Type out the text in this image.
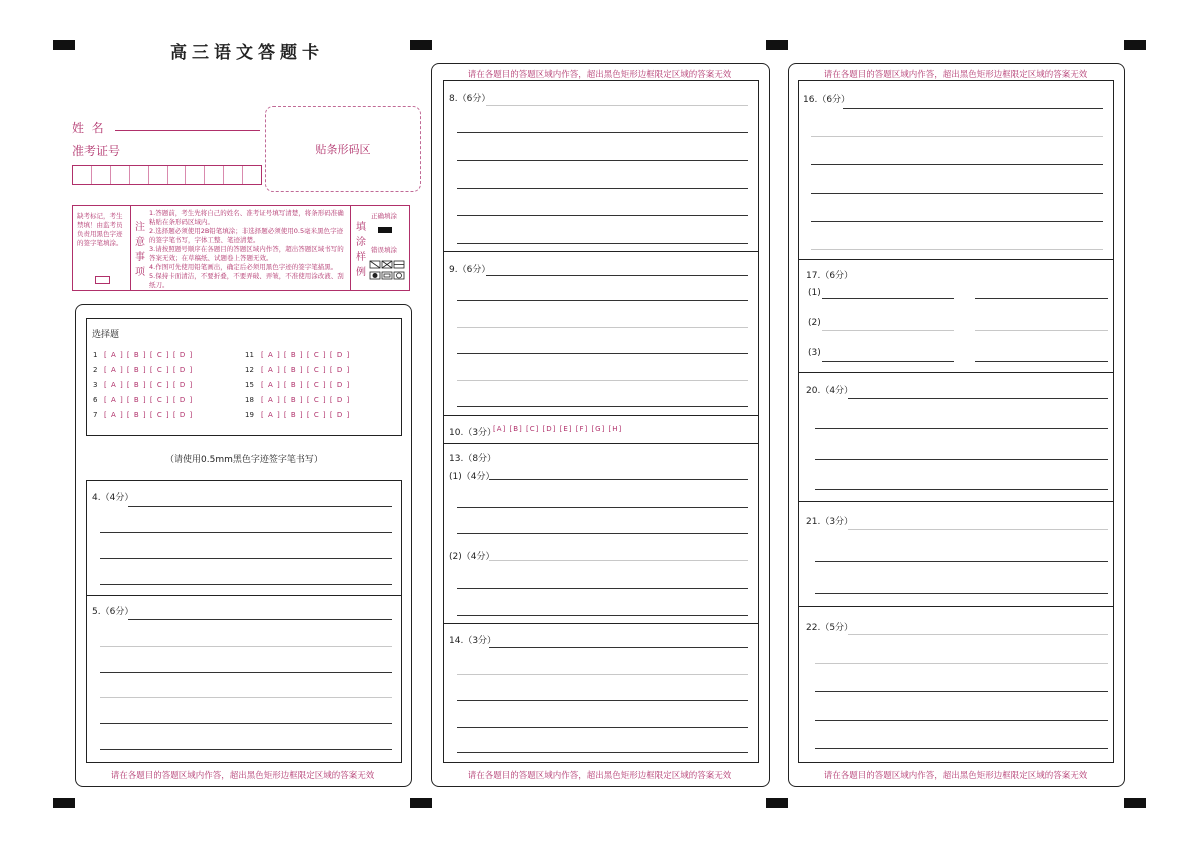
高三语文答题卡
姓  名
准考证号	贴条形码区
缺考标记，考生禁填！由监考员负责用黑色字迹的签字笔填涂。
注意事项
1.答题前，考生先将自己的姓名、准考证号填写清楚，将条形码准确粘贴在条形码区域内。
2.选择题必须使用2B铅笔填涂；非选择题必须使用0.5毫米黑色字迹的签字笔书写，字体工整、笔迹清楚。
3.请按照题号顺序在各题目的答题区域内作答，超出答题区域书写的答案无效；在草稿纸、试题卷上答题无效。
4.作图可先使用铅笔画出，确定后必须用黑色字迹的签字笔描黑。
5.保持卡面清洁，不要折叠，不要弄破、弄皱，不准使用涂改液、刮纸刀。
填涂样例
正确填涂
错误填涂
选择题
1 [ A ] [ B ] [ C ] [ D ]
2 [ A ] [ B ] [ C ] [ D ]
3 [ A ] [ B ] [ C ] [ D ]
6 [ A ] [ B ] [ C ] [ D ]
7 [ A ] [ B ] [ C ] [ D ]
11 [ A ] [ B ] [ C ] [ D ]
12 [ A ] [ B ] [ C ] [ D ]
15 [ A ] [ B ] [ C ] [ D ]
18 [ A ] [ B ] [ C ] [ D ]
19 [ A ] [ B ] [ C ] [ D ]
（请使用0.5mm黑色字迹签字笔书写）
4.（4分）
5.（6分）
请在各题目的答题区域内作答，超出黑色矩形边框限定区域的答案无效
请在各题目的答题区域内作答，超出黑色矩形边框限定区域的答案无效
8.（6分）
9.（6分）
10.（3分）
[A] [B] [C] [D] [E] [F] [G] [H]
13.（8分）
(1)（4分）
(2)（4分）
14.（3分）
请在各题目的答题区域内作答，超出黑色矩形边框限定区域的答案无效
请在各题目的答题区域内作答，超出黑色矩形边框限定区域的答案无效
16.（6分）
17.（6分）
(1)
(2)
(3)
20.（4分）
21.（3分）
22.（5分）
请在各题目的答题区域内作答，超出黑色矩形边框限定区域的答案无效
